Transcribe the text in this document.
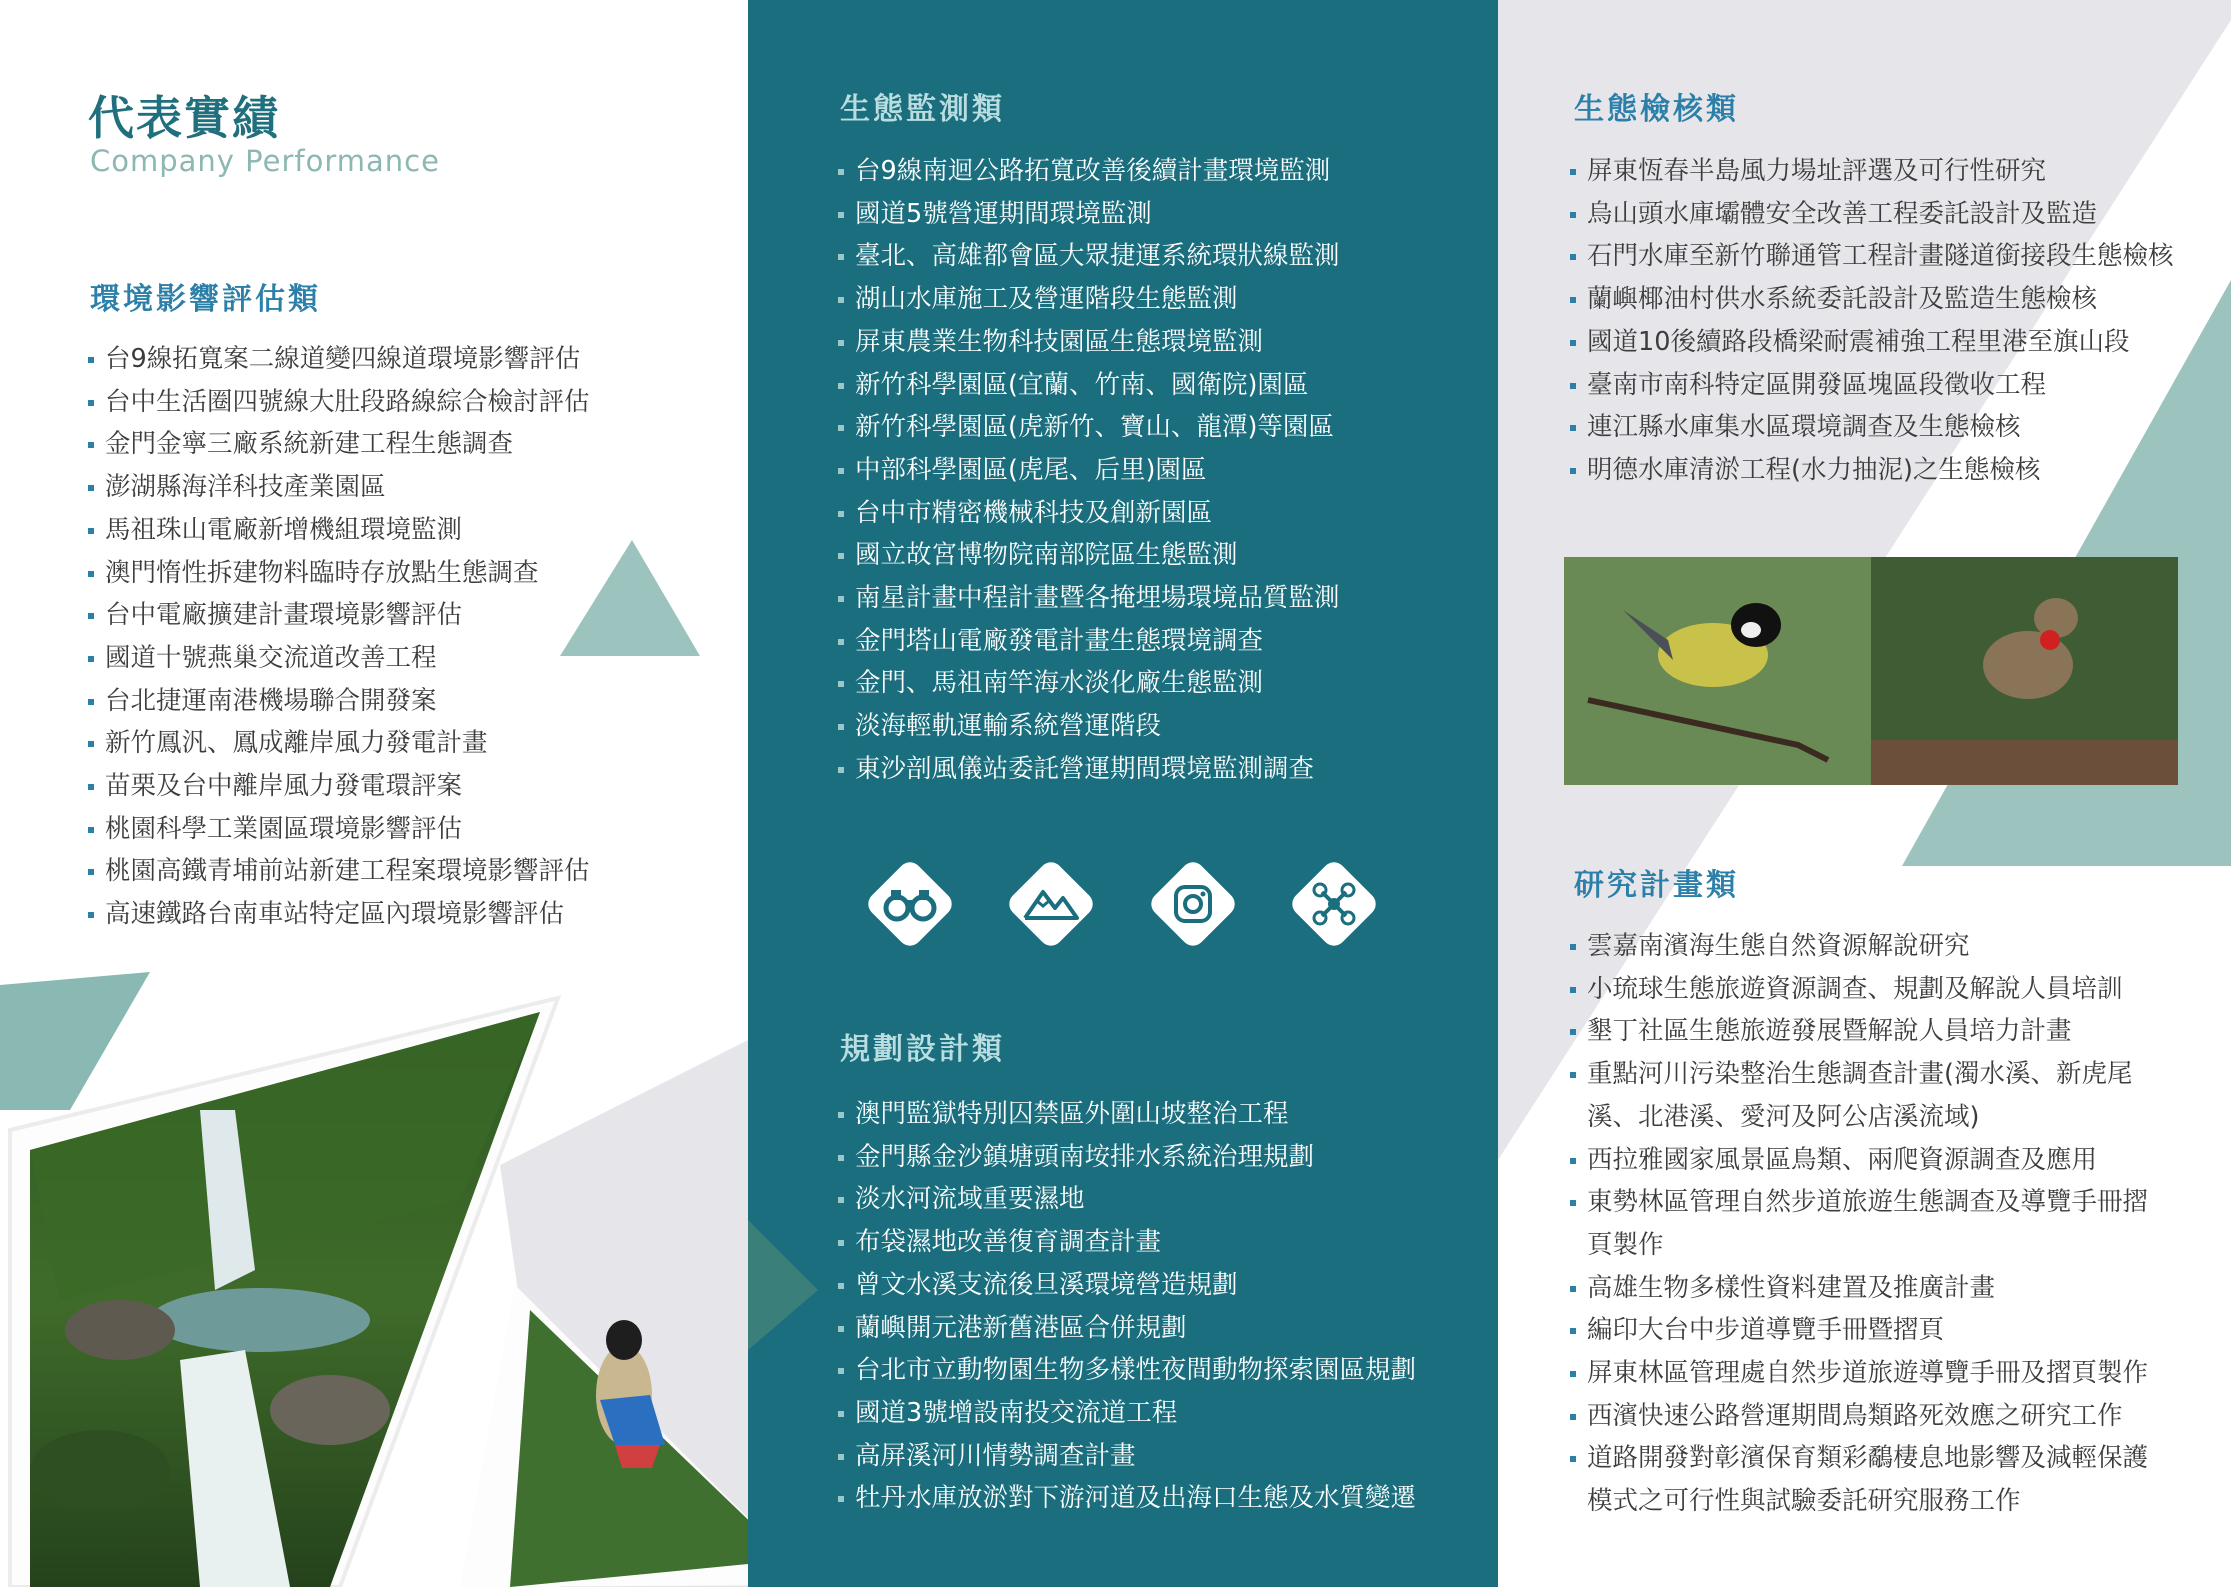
代表實績

Company Performance

環境影響評估類
台9線拓寬案二線道變四線道環境影響評估
台中生活圈四號線大肚段路線綜合檢討評估
金門金寧三廠系統新建工程生態調查
澎湖縣海洋科技產業園區
馬祖珠山電廠新增機組環境監測
澳門惰性拆建物料臨時存放點生態調查
台中電廠擴建計畫環境影響評估
國道十號燕巢交流道改善工程
台北捷運南港機場聯合開發案
新竹鳳汎、鳳成離岸風力發電計畫
苗栗及台中離岸風力發電環評案
桃園科學工業園區環境影響評估
桃園高鐵青埔前站新建工程案環境影響評估
高速鐵路台南車站特定區內環境影響評估
生態監測類
台9線南迴公路拓寬改善後續計畫環境監測
國道5號營運期間環境監測
臺北、高雄都會區大眾捷運系統環狀線監測
湖山水庫施工及營運階段生態監測
屏東農業生物科技園區生態環境監測
新竹科學園區(宜蘭、竹南、國衛院)園區
新竹科學園區(虎新竹、寶山、龍潭)等園區
中部科學園區(虎尾、后里)園區
台中市精密機械科技及創新園區
國立故宮博物院南部院區生態監測
南星計畫中程計畫暨各掩埋場環境品質監測
金門塔山電廠發電計畫生態環境調查
金門、馬祖南竿海水淡化廠生態監測
淡海輕軌運輸系統營運階段
東沙剖風儀站委託營運期間環境監測調查
規劃設計類
澳門監獄特別囚禁區外圍山坡整治工程
金門縣金沙鎮塘頭南垵排水系統治理規劃
淡水河流域重要濕地
布袋濕地改善復育調查計畫
曾文水溪支流後旦溪環境營造規劃
蘭嶼開元港新舊港區合併規劃
台北市立動物園生物多樣性夜間動物探索園區規劃
國道3號增設南投交流道工程
高屏溪河川情勢調查計畫
牡丹水庫放淤對下游河道及出海口生態及水質變遷
生態檢核類
屏東恆春半島風力場址評選及可行性研究
烏山頭水庫壩體安全改善工程委託設計及監造
石門水庫至新竹聯通管工程計畫隧道銜接段生態檢核
蘭嶼椰油村供水系統委託設計及監造生態檢核
國道10後續路段橋梁耐震補強工程里港至旗山段
臺南市南科特定區開發區塊區段徵收工程
連江縣水庫集水區環境調查及生態檢核
明德水庫清淤工程(水力抽泥)之生態檢核
研究計畫類
雲嘉南濱海生態自然資源解說研究
小琉球生態旅遊資源調查、規劃及解說人員培訓
墾丁社區生態旅遊發展暨解說人員培力計畫
重點河川污染整治生態調查計畫(濁水溪、新虎尾溪、北港溪、愛河及阿公店溪流域)
西拉雅國家風景區鳥類、兩爬資源調查及應用
東勢林區管理自然步道旅遊生態調查及導覽手冊摺頁製作
高雄生物多樣性資料建置及推廣計畫
編印大台中步道導覽手冊暨摺頁
屏東林區管理處自然步道旅遊導覽手冊及摺頁製作
西濱快速公路營運期間鳥類路死效應之研究工作
道路開發對彰濱保育類彩鷸棲息地影響及減輕保護模式之可行性與試驗委託研究服務工作
